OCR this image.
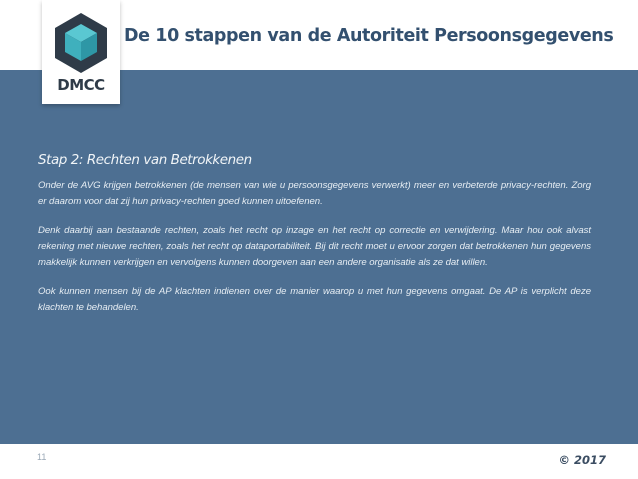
De 10 stappen van de Autoriteit Persoonsgegevens
Stap 2: Rechten van Betrokkenen

Onder de AVG krijgen betrokkenen (de mensen van wie u persoonsgegevens verwerkt) meer en verbeterde privacy-rechten. Zorg er daarom voor dat zij hun privacy-rechten goed kunnen uitoefenen.

Denk daarbij aan bestaande rechten, zoals het recht op inzage en het recht op correctie en verwijdering. Maar hou ook alvast rekening met nieuwe rechten, zoals het recht op dataportabiliteit. Bij dit recht moet u ervoor zorgen dat betrokkenen hun gegevens makkelijk kunnen verkrijgen en vervolgens kunnen doorgeven aan een andere organisatie als ze dat willen.

Ook kunnen mensen bij de AP klachten indienen over de manier waarop u met hun gegevens omgaat. De AP is verplicht deze klachten te behandelen.

DMCC
11	© 2017
